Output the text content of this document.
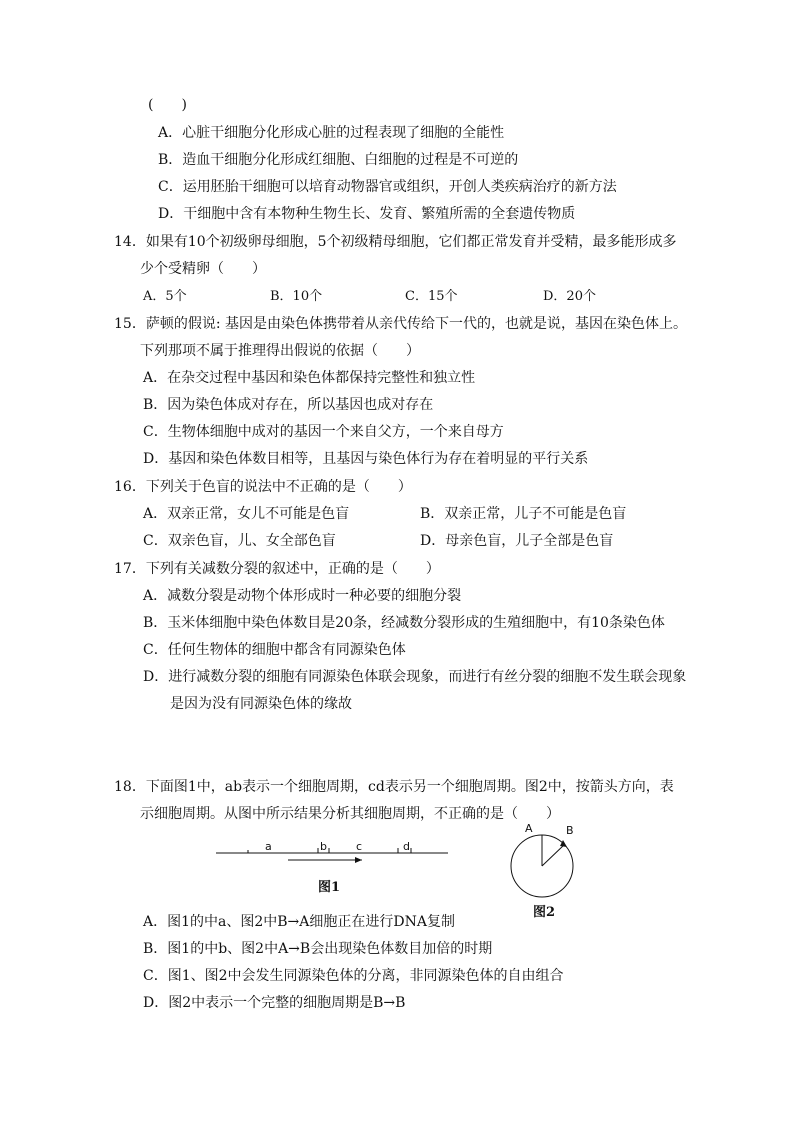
(　　)
A．心脏干细胞分化形成心脏的过程表现了细胞的全能性
B．造血干细胞分化形成红细胞、白细胞的过程是不可逆的
C．运用胚胎干细胞可以培育动物器官或组织，开创人类疾病治疗的新方法
D．干细胞中含有本物种生物生长、发育、繁殖所需的全套遗传物质
14．如果有10个初级卵母细胞，5个初级精母细胞，它们都正常发育并受精，最多能形成多
少个受精卵（　　）
A．5个	B．10个	C．15个	D．20个
15．萨顿的假说: 基因是由染色体携带着从亲代传给下一代的，也就是说，基因在染色体上。
下列那项不属于推理得出假说的依据（　　）
A．在杂交过程中基因和染色体都保持完整性和独立性
B．因为染色体成对存在，所以基因也成对存在
C．生物体细胞中成对的基因一个来自父方，一个来自母方
D．基因和染色体数目相等，且基因与染色体行为存在着明显的平行关系
16．下列关于色盲的说法中不正确的是（　　）
A．双亲正常，女儿不可能是色盲	B．双亲正常，儿子不可能是色盲
C．双亲色盲，儿、女全部色盲	D．母亲色盲，儿子全部是色盲
17．下列有关减数分裂的叙述中，正确的是（　　）
A．减数分裂是动物个体形成时一种必要的细胞分裂
B．玉米体细胞中染色体数目是20条，经减数分裂形成的生殖细胞中，有10条染色体
C．任何生物体的细胞中都含有同源染色体
D．进行减数分裂的细胞有同源染色体联会现象，而进行有丝分裂的细胞不发生联会现象
是因为没有同源染色体的缘故
18．下面图1中，ab表示一个细胞周期，cd表示另一个细胞周期。图2中，按箭头方向，表
示细胞周期。从图中所示结果分析其细胞周期，不正确的是（　　）
a	b	c	d
图1
A	B
图2
A．图1的中a、图2中B→A细胞正在进行DNA复制
B．图1的中b、图2中A→B会出现染色体数目加倍的时期
C．图1、图2中会发生同源染色体的分离，非同源染色体的自由组合
D．图2中表示一个完整的细胞周期是B→B
